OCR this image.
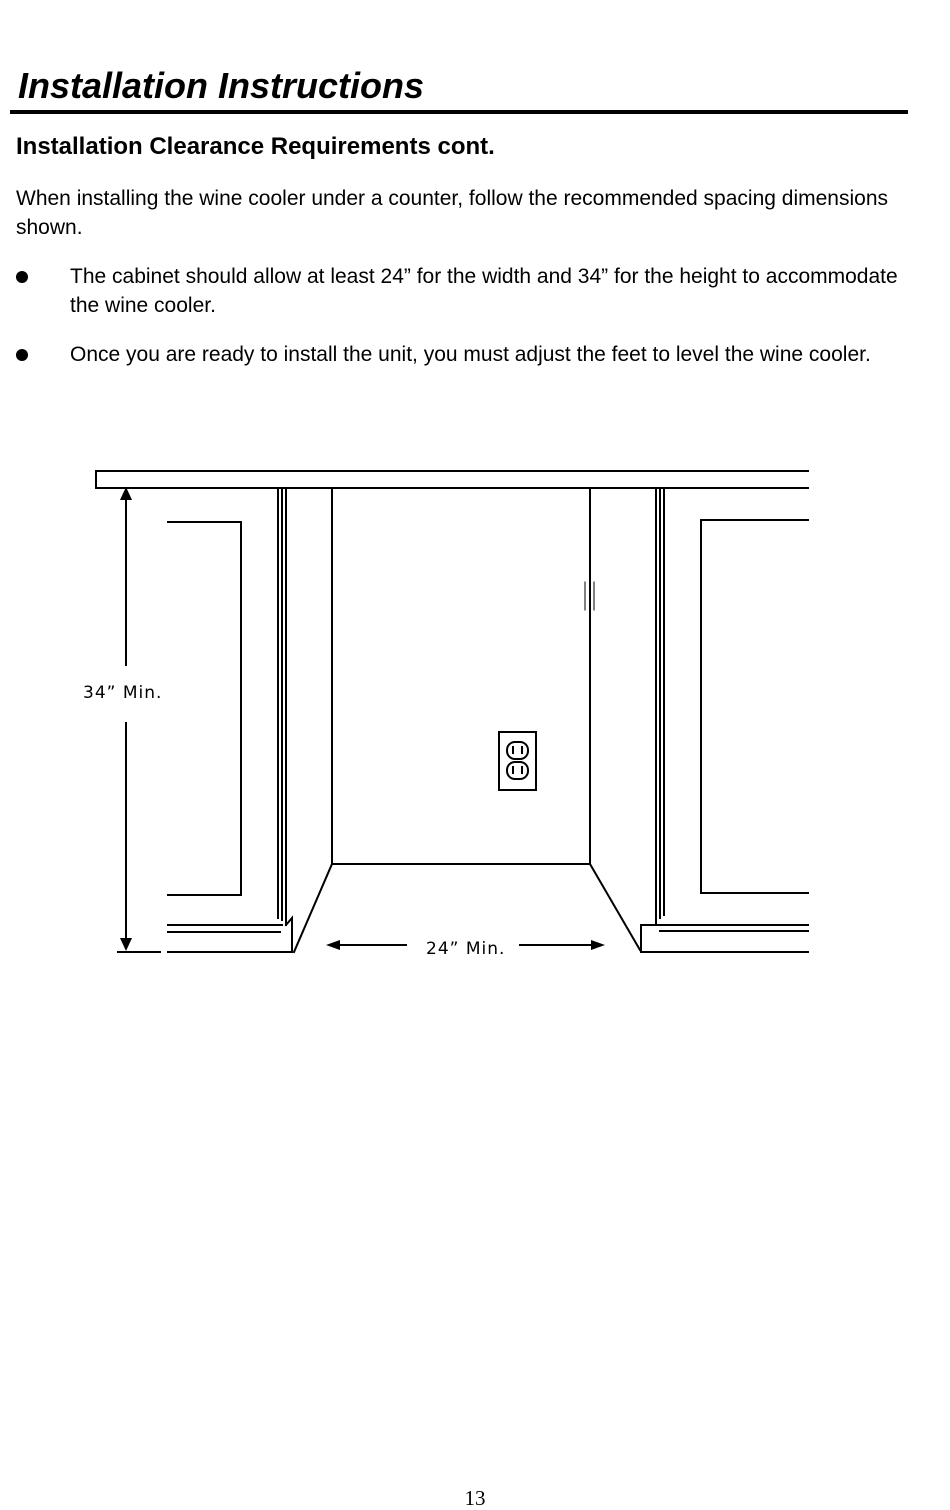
Installation Instructions
Installation Clearance Requirements cont.

When installing the wine cooler under a counter, follow the recommended spacing dimensions shown.

The cabinet should allow at least 24” for the width and 34” for the height to accommodate the wine cooler.
Once you are ready to install the unit, you must adjust the feet to level the wine cooler.
34” Min.
24” Min.
13
